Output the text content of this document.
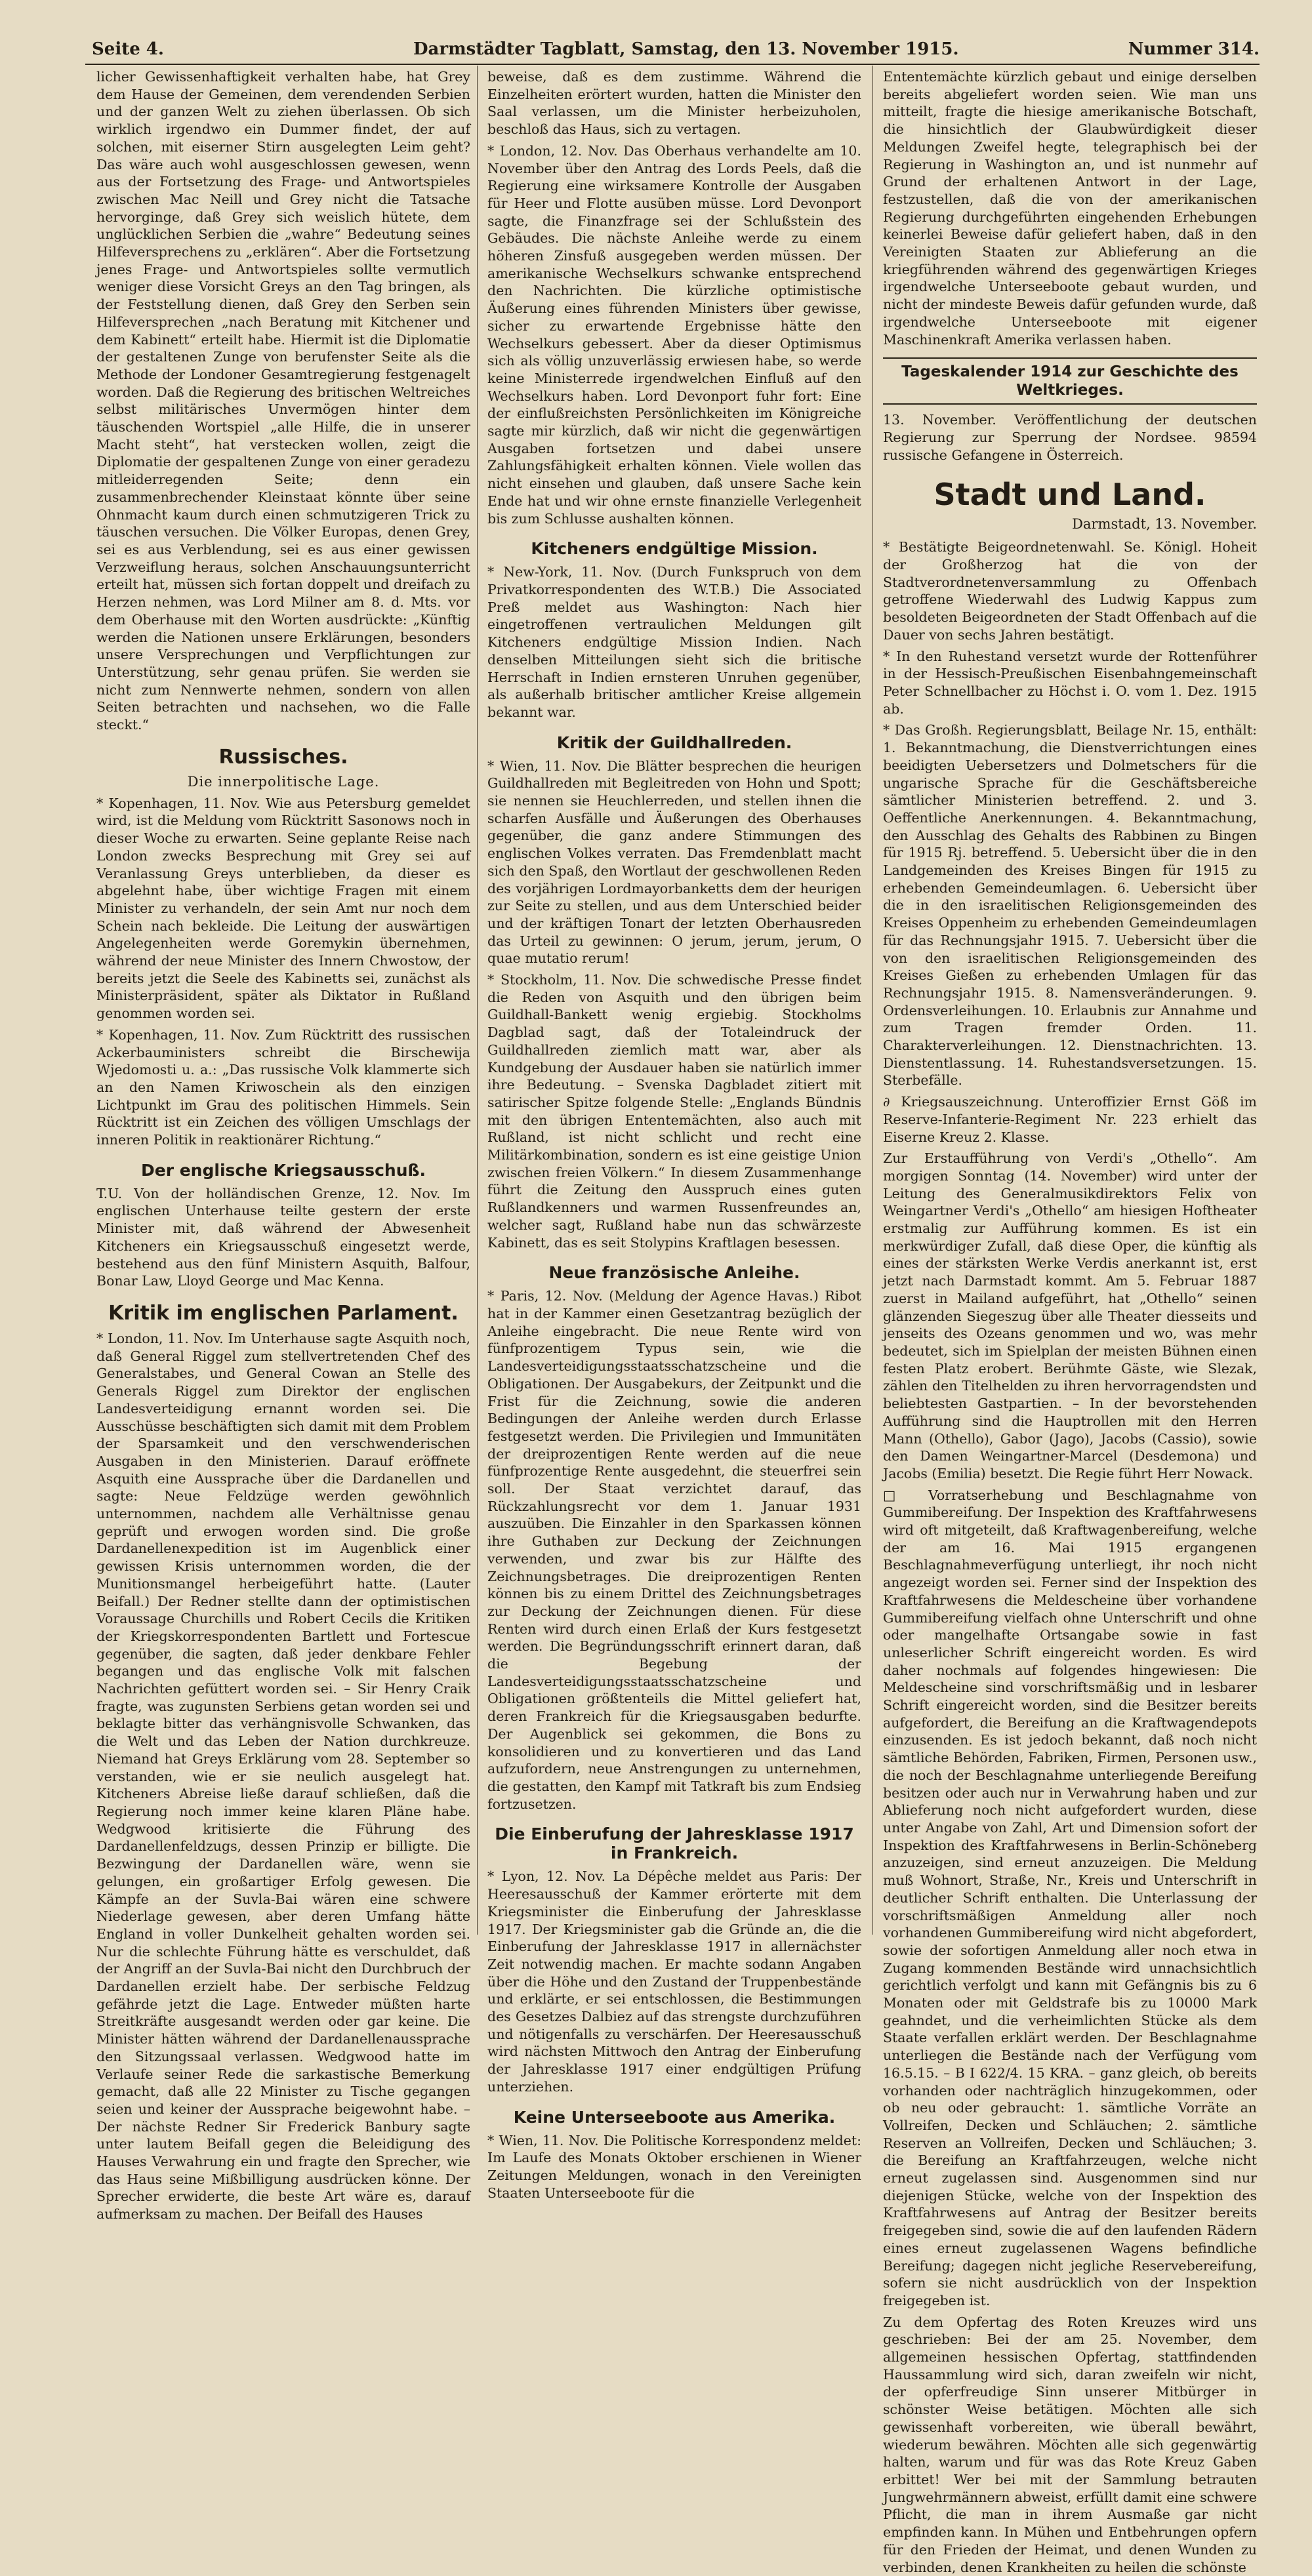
Seite 4.	Darmstädter Tagblatt, Samstag, den 13. November 1915.	Nummer 314.

licher Gewissenhaftigkeit verhalten habe, hat Grey dem Hause der Gemeinen, dem verendenden Serbien und der ganzen Welt zu ziehen überlassen. Ob sich wirklich irgendwo ein Dummer findet, der auf solchen, mit eiserner Stirn ausgelegten Leim geht? Das wäre auch wohl ausgeschlossen gewesen, wenn aus der Fortsetzung des Frage- und Antwortspieles zwischen Mac Neill und Grey nicht die Tatsache hervorginge, daß Grey sich weislich hütete, dem unglücklichen Serbien die „wahre“ Bedeutung seines Hilfeversprechens zu „erklären“. Aber die Fortsetzung jenes Frage- und Antwortspieles sollte vermutlich weniger diese Vorsicht Greys an den Tag bringen, als der Feststellung dienen, daß Grey den Serben sein Hilfeversprechen „nach Beratung mit Kitchener und dem Kabinett“ erteilt habe. Hiermit ist die Diplomatie der gestaltenen Zunge von berufenster Seite als die Methode der Londoner Gesamtregierung festgenagelt worden. Daß die Regierung des britischen Weltreiches selbst militärisches Unvermögen hinter dem täuschenden Wortspiel „alle Hilfe, die in unserer Macht steht“, hat verstecken wollen, zeigt die Diplomatie der gespaltenen Zunge von einer geradezu mitleiderregenden Seite; denn ein zusammenbrechender Kleinstaat könnte über seine Ohnmacht kaum durch einen schmutzigeren Trick zu täuschen versuchen. Die Völker Europas, denen Grey, sei es aus Verblendung, sei es aus einer gewissen Verzweiflung heraus, solchen Anschauungsunterricht erteilt hat, müssen sich fortan doppelt und dreifach zu Herzen nehmen, was Lord Milner am 8. d. Mts. vor dem Oberhause mit den Worten ausdrückte: „Künftig werden die Nationen unsere Erklärungen, besonders unsere Versprechungen und Verpflichtungen zur Unterstützung, sehr genau prüfen. Sie werden sie nicht zum Nennwerte nehmen, sondern von allen Seiten betrachten und nachsehen, wo die Falle steckt.“

Russisches.
Die innerpolitische Lage.

* Kopenhagen, 11. Nov. Wie aus Petersburg gemeldet wird, ist die Meldung vom Rücktritt Sasonows noch in dieser Woche zu erwarten. Seine geplante Reise nach London zwecks Besprechung mit Grey sei auf Veranlassung Greys unterblieben, da dieser es abgelehnt habe, über wichtige Fragen mit einem Minister zu verhandeln, der sein Amt nur noch dem Schein nach bekleide. Die Leitung der auswärtigen Angelegenheiten werde Goremykin übernehmen, während der neue Minister des Innern Chwostow, der bereits jetzt die Seele des Kabinetts sei, zunächst als Ministerpräsident, später als Diktator in Rußland genommen worden sei.

* Kopenhagen, 11. Nov. Zum Rücktritt des russischen Ackerbauministers schreibt die Birschewija Wjedomosti u. a.: „Das russische Volk klammerte sich an den Namen Kriwoschein als den einzigen Lichtpunkt im Grau des politischen Himmels. Sein Rücktritt ist ein Zeichen des völligen Umschlags der inneren Politik in reaktionärer Richtung.“

Der englische Kriegsausschuß.

T.U. Von der holländischen Grenze, 12. Nov. Im englischen Unterhause teilte gestern der erste Minister mit, daß während der Abwesenheit Kitcheners ein Kriegsausschuß eingesetzt werde, bestehend aus den fünf Ministern Asquith, Balfour, Bonar Law, Lloyd George und Mac Kenna.

Kritik im englischen Parlament.

* London, 11. Nov. Im Unterhause sagte Asquith noch, daß General Riggel zum stellvertretenden Chef des Generalstabes, und General Cowan an Stelle des Generals Riggel zum Direktor der englischen Landesverteidigung ernannt worden sei. Die Ausschüsse beschäftigten sich damit mit dem Problem der Sparsamkeit und den verschwenderischen Ausgaben in den Ministerien. Darauf eröffnete Asquith eine Aussprache über die Dardanellen und sagte: Neue Feldzüge werden gewöhnlich unternommen, nachdem alle Verhältnisse genau geprüft und erwogen worden sind. Die große Dardanellenexpedition ist im Augenblick einer gewissen Krisis unternommen worden, die der Munitionsmangel herbeigeführt hatte. (Lauter Beifall.) Der Redner stellte dann der optimistischen Voraussage Churchills und Robert Cecils die Kritiken der Kriegskorrespondenten Bartlett und Fortescue gegenüber, die sagten, daß jeder denkbare Fehler begangen und das englische Volk mit falschen Nachrichten gefüttert worden sei. – Sir Henry Craik fragte, was zugunsten Serbiens getan worden sei und beklagte bitter das verhängnisvolle Schwanken, das die Welt und das Leben der Nation durchkreuze. Niemand hat Greys Erklärung vom 28. September so verstanden, wie er sie neulich ausgelegt hat. Kitcheners Abreise ließe darauf schließen, daß die Regierung noch immer keine klaren Pläne habe. Wedgwood kritisierte die Führung des Dardanellenfeldzugs, dessen Prinzip er billigte. Die Bezwingung der Dardanellen wäre, wenn sie gelungen, ein großartiger Erfolg gewesen. Die Kämpfe an der Suvla-Bai wären eine schwere Niederlage gewesen, aber deren Umfang hätte England in voller Dunkelheit gehalten worden sei. Nur die schlechte Führung hätte es verschuldet, daß der Angriff an der Suvla-Bai nicht den Durchbruch der Dardanellen erzielt habe. Der serbische Feldzug gefährde jetzt die Lage. Entweder müßten harte Streitkräfte ausgesandt werden oder gar keine. Die Minister hätten während der Dardanellenaussprache den Sitzungssaal verlassen. Wedgwood hatte im Verlaufe seiner Rede die sarkastische Bemerkung gemacht, daß alle 22 Minister zu Tische gegangen seien und keiner der Aussprache beigewohnt habe. – Der nächste Redner Sir Frederick Banbury sagte unter lautem Beifall gegen die Beleidigung des Hauses Verwahrung ein und fragte den Sprecher, wie das Haus seine Mißbilligung ausdrücken könne. Der Sprecher erwiderte, die beste Art wäre es, darauf aufmerksam zu machen. Der Beifall des Hauses

beweise, daß es dem zustimme. Während die Einzelheiten erörtert wurden, hatten die Minister den Saal verlassen, um die Minister herbeizuholen, beschloß das Haus, sich zu vertagen.

* London, 12. Nov. Das Oberhaus verhandelte am 10. November über den Antrag des Lords Peels, daß die Regierung eine wirksamere Kontrolle der Ausgaben für Heer und Flotte ausüben müsse. Lord Devonport sagte, die Finanzfrage sei der Schlußstein des Gebäudes. Die nächste Anleihe werde zu einem höheren Zinsfuß ausgegeben werden müssen. Der amerikanische Wechselkurs schwanke entsprechend den Nachrichten. Die kürzliche optimistische Äußerung eines führenden Ministers über gewisse, sicher zu erwartende Ergebnisse hätte den Wechselkurs gebessert. Aber da dieser Optimismus sich als völlig unzuverlässig erwiesen habe, so werde keine Ministerrede irgendwelchen Einfluß auf den Wechselkurs haben. Lord Devonport fuhr fort: Eine der einflußreichsten Persönlichkeiten im Königreiche sagte mir kürzlich, daß wir nicht die gegenwärtigen Ausgaben fortsetzen und dabei unsere Zahlungsfähigkeit erhalten können. Viele wollen das nicht einsehen und glauben, daß unsere Sache kein Ende hat und wir ohne ernste finanzielle Verlegenheit bis zum Schlusse aushalten können.

Kitcheners endgültige Mission.

* New-York, 11. Nov. (Durch Funkspruch von dem Privatkorrespondenten des W.T.B.) Die Associated Preß meldet aus Washington: Nach hier eingetroffenen vertraulichen Meldungen gilt Kitcheners endgültige Mission Indien. Nach denselben Mitteilungen sieht sich die britische Herrschaft in Indien ernsteren Unruhen gegenüber, als außerhalb britischer amtlicher Kreise allgemein bekannt war.

Kritik der Guildhallreden.

* Wien, 11. Nov. Die Blätter besprechen die heurigen Guildhallreden mit Begleitreden von Hohn und Spott; sie nennen sie Heuchlerreden, und stellen ihnen die scharfen Ausfälle und Äußerungen des Oberhauses gegenüber, die ganz andere Stimmungen des englischen Volkes verraten. Das Fremdenblatt macht sich den Spaß, den Wortlaut der geschwollenen Reden des vorjährigen Lordmayorbanketts dem der heurigen zur Seite zu stellen, und aus dem Unterschied beider und der kräftigen Tonart der letzten Oberhausreden das Urteil zu gewinnen: O jerum, jerum, jerum, O quae mutatio rerum!

* Stockholm, 11. Nov. Die schwedische Presse findet die Reden von Asquith und den übrigen beim Guildhall-Bankett wenig ergiebig. Stockholms Dagblad sagt, daß der Totaleindruck der Guildhallreden ziemlich matt war, aber als Kundgebung der Ausdauer haben sie natürlich immer ihre Bedeutung. – Svenska Dagbladet zitiert mit satirischer Spitze folgende Stelle: „Englands Bündnis mit den übrigen Ententemächten, also auch mit Rußland, ist nicht schlicht und recht eine Militärkombination, sondern es ist eine geistige Union zwischen freien Völkern.“ In diesem Zusammenhange führt die Zeitung den Ausspruch eines guten Rußlandkenners und warmen Russenfreundes an, welcher sagt, Rußland habe nun das schwärzeste Kabinett, das es seit Stolypins Kraftlagen besessen.

Neue französische Anleihe.

* Paris, 12. Nov. (Meldung der Agence Havas.) Ribot hat in der Kammer einen Gesetzantrag bezüglich der Anleihe eingebracht. Die neue Rente wird von fünfprozentigem Typus sein, wie die Landesverteidigungsstaatsschatzscheine und die Obligationen. Der Ausgabekurs, der Zeitpunkt und die Frist für die Zeichnung, sowie die anderen Bedingungen der Anleihe werden durch Erlasse festgesetzt werden. Die Privilegien und Immunitäten der dreiprozentigen Rente werden auf die neue fünfprozentige Rente ausgedehnt, die steuerfrei sein soll. Der Staat verzichtet darauf, das Rückzahlungsrecht vor dem 1. Januar 1931 auszuüben. Die Einzahler in den Sparkassen können ihre Guthaben zur Deckung der Zeichnungen verwenden, und zwar bis zur Hälfte des Zeichnungsbetrages. Die dreiprozentigen Renten können bis zu einem Drittel des Zeichnungsbetrages zur Deckung der Zeichnungen dienen. Für diese Renten wird durch einen Erlaß der Kurs festgesetzt werden. Die Begründungsschrift erinnert daran, daß die Begebung der Landesverteidigungsstaatsschatzscheine und Obligationen größtenteils die Mittel geliefert hat, deren Frankreich für die Kriegsausgaben bedurfte. Der Augenblick sei gekommen, die Bons zu konsolidieren und zu konvertieren und das Land aufzufordern, neue Anstrengungen zu unternehmen, die gestatten, den Kampf mit Tatkraft bis zum Endsieg fortzusetzen.

Die Einberufung der Jahresklasse 1917 in Frankreich.

* Lyon, 12. Nov. La Dépêche meldet aus Paris: Der Heeresausschuß der Kammer erörterte mit dem Kriegsminister die Einberufung der Jahresklasse 1917. Der Kriegsminister gab die Gründe an, die die Einberufung der Jahresklasse 1917 in allernächster Zeit notwendig machen. Er machte sodann Angaben über die Höhe und den Zustand der Truppenbestände und erklärte, er sei entschlossen, die Bestimmungen des Gesetzes Dalbiez auf das strengste durchzuführen und nötigenfalls zu verschärfen. Der Heeresausschuß wird nächsten Mittwoch den Antrag der Einberufung der Jahresklasse 1917 einer endgültigen Prüfung unterziehen.

Keine Unterseeboote aus Amerika.

* Wien, 11. Nov. Die Politische Korrespondenz meldet: Im Laufe des Monats Oktober erschienen in Wiener Zeitungen Meldungen, wonach in den Vereinigten Staaten Unterseeboote für die

Ententemächte kürzlich gebaut und einige derselben bereits abgeliefert worden seien. Wie man uns mitteilt, fragte die hiesige amerikanische Botschaft, die hinsichtlich der Glaubwürdigkeit dieser Meldungen Zweifel hegte, telegraphisch bei der Regierung in Washington an, und ist nunmehr auf Grund der erhaltenen Antwort in der Lage, festzustellen, daß die von der amerikanischen Regierung durchgeführten eingehenden Erhebungen keinerlei Beweise dafür geliefert haben, daß in den Vereinigten Staaten zur Ablieferung an die kriegführenden während des gegenwärtigen Krieges irgendwelche Unterseeboote gebaut wurden, und nicht der mindeste Beweis dafür gefunden wurde, daß irgendwelche Unterseeboote mit eigener Maschinenkraft Amerika verlassen haben.

Tageskalender 1914 zur Geschichte des Weltkrieges.

13. November. Veröffentlichung der deutschen Regierung zur Sperrung der Nordsee. 98594 russische Gefangene in Österreich.

Stadt und Land.
Darmstadt, 13. November.

* Bestätigte Beigeordnetenwahl. Se. Königl. Hoheit der Großherzog hat die von der Stadtverordnetenversammlung zu Offenbach getroffene Wiederwahl des Ludwig Kappus zum besoldeten Beigeordneten der Stadt Offenbach auf die Dauer von sechs Jahren bestätigt.

* In den Ruhestand versetzt wurde der Rottenführer in der Hessisch-Preußischen Eisenbahngemeinschaft Peter Schnellbacher zu Höchst i. O. vom 1. Dez. 1915 ab.

* Das Großh. Regierungsblatt, Beilage Nr. 15, enthält: 1. Bekanntmachung, die Dienstverrichtungen eines beeidigten Uebersetzers und Dolmetschers für die ungarische Sprache für die Geschäftsbereiche sämtlicher Ministerien betreffend. 2. und 3. Oeffentliche Anerkennungen. 4. Bekanntmachung, den Ausschlag des Gehalts des Rabbinen zu Bingen für 1915 Rj. betreffend. 5. Uebersicht über die in den Landgemeinden des Kreises Bingen für 1915 zu erhebenden Gemeindeumlagen. 6. Uebersicht über die in den israelitischen Religionsgemeinden des Kreises Oppenheim zu erhebenden Gemeindeumlagen für das Rechnungsjahr 1915. 7. Uebersicht über die von den israelitischen Religionsgemeinden des Kreises Gießen zu erhebenden Umlagen für das Rechnungsjahr 1915. 8. Namensveränderungen. 9. Ordensverleihungen. 10. Erlaubnis zur Annahme und zum Tragen fremder Orden. 11. Charakterverleihungen. 12. Dienstnachrichten. 13. Dienstentlassung. 14. Ruhestandsversetzungen. 15. Sterbefälle.

∂ Kriegsauszeichnung. Unteroffizier Ernst Göß im Reserve-Infanterie-Regiment Nr. 223 erhielt das Eiserne Kreuz 2. Klasse.

Zur Erstaufführung von Verdi's „Othello“. Am morgigen Sonntag (14. November) wird unter der Leitung des Generalmusikdirektors Felix von Weingartner Verdi's „Othello“ am hiesigen Hoftheater erstmalig zur Aufführung kommen. Es ist ein merkwürdiger Zufall, daß diese Oper, die künftig als eines der stärksten Werke Verdis anerkannt ist, erst jetzt nach Darmstadt kommt. Am 5. Februar 1887 zuerst in Mailand aufgeführt, hat „Othello“ seinen glänzenden Siegeszug über alle Theater diesseits und jenseits des Ozeans genommen und wo, was mehr bedeutet, sich im Spielplan der meisten Bühnen einen festen Platz erobert. Berühmte Gäste, wie Slezak, zählen den Titelhelden zu ihren hervorragendsten und beliebtesten Gastpartien. – In der bevorstehenden Aufführung sind die Hauptrollen mit den Herren Mann (Othello), Gabor (Jago), Jacobs (Cassio), sowie den Damen Weingartner-Marcel (Desdemona) und Jacobs (Emilia) besetzt. Die Regie führt Herr Nowack.

□ Vorratserhebung und Beschlagnahme von Gummibereifung. Der Inspektion des Kraftfahrwesens wird oft mitgeteilt, daß Kraftwagenbereifung, welche der am 16. Mai 1915 ergangenen Beschlagnahmeverfügung unterliegt, ihr noch nicht angezeigt worden sei. Ferner sind der Inspektion des Kraftfahrwesens die Meldescheine über vorhandene Gummibereifung vielfach ohne Unterschrift und ohne oder mangelhafte Ortsangabe sowie in fast unleserlicher Schrift eingereicht worden. Es wird daher nochmals auf folgendes hingewiesen: Die Meldescheine sind vorschriftsmäßig und in lesbarer Schrift eingereicht worden, sind die Besitzer bereits aufgefordert, die Bereifung an die Kraftwagendepots einzusenden. Es ist jedoch bekannt, daß noch nicht sämtliche Behörden, Fabriken, Firmen, Personen usw., die noch der Beschlagnahme unterliegende Bereifung besitzen oder auch nur in Verwahrung haben und zur Ablieferung noch nicht aufgefordert wurden, diese unter Angabe von Zahl, Art und Dimension sofort der Inspektion des Kraftfahrwesens in Berlin-Schöneberg anzuzeigen, sind erneut anzuzeigen. Die Meldung muß Wohnort, Straße, Nr., Kreis und Unterschrift in deutlicher Schrift enthalten. Die Unterlassung der vorschriftsmäßigen Anmeldung aller noch vorhandenen Gummibereifung wird nicht abgefordert, sowie der sofortigen Anmeldung aller noch etwa in Zugang kommenden Bestände wird unnachsichtlich gerichtlich verfolgt und kann mit Gefängnis bis zu 6 Monaten oder mit Geldstrafe bis zu 10000 Mark geahndet, und die verheimlichten Stücke als dem Staate verfallen erklärt werden. Der Beschlagnahme unterliegen die Bestände nach der Verfügung vom 16.5.15. – B I 622/4. 15 KRA. – ganz gleich, ob bereits vorhanden oder nachträglich hinzugekommen, oder ob neu oder gebraucht: 1. sämtliche Vorräte an Vollreifen, Decken und Schläuchen; 2. sämtliche Reserven an Vollreifen, Decken und Schläuchen; 3. die Bereifung an Kraftfahrzeugen, welche nicht erneut zugelassen sind. Ausgenommen sind nur diejenigen Stücke, welche von der Inspektion des Kraftfahrwesens auf Antrag der Besitzer bereits freigegeben sind, sowie die auf den laufenden Rädern eines erneut zugelassenen Wagens befindliche Bereifung; dagegen nicht jegliche Reservebereifung, sofern sie nicht ausdrücklich von der Inspektion freigegeben ist.

Zu dem Opfertag des Roten Kreuzes wird uns geschrieben: Bei der am 25. November, dem allgemeinen hessischen Opfertag, stattfindenden Haussammlung wird sich, daran zweifeln wir nicht, der opferfreudige Sinn unserer Mitbürger in schönster Weise betätigen. Möchten alle sich gewissenhaft vorbereiten, wie überall bewährt, wiederum bewähren. Möchten alle sich gegenwärtig halten, warum und für was das Rote Kreuz Gaben erbittet! Wer bei mit der Sammlung betrauten Jungwehrmännern abweist, erfüllt damit eine schwere Pflicht, die man in ihrem Ausmaße gar nicht empfinden kann. In Mühen und Entbehrungen opfern für den Frieden der Heimat, und denen Wunden zu verbinden, denen Krankheiten zu heilen die schönste
